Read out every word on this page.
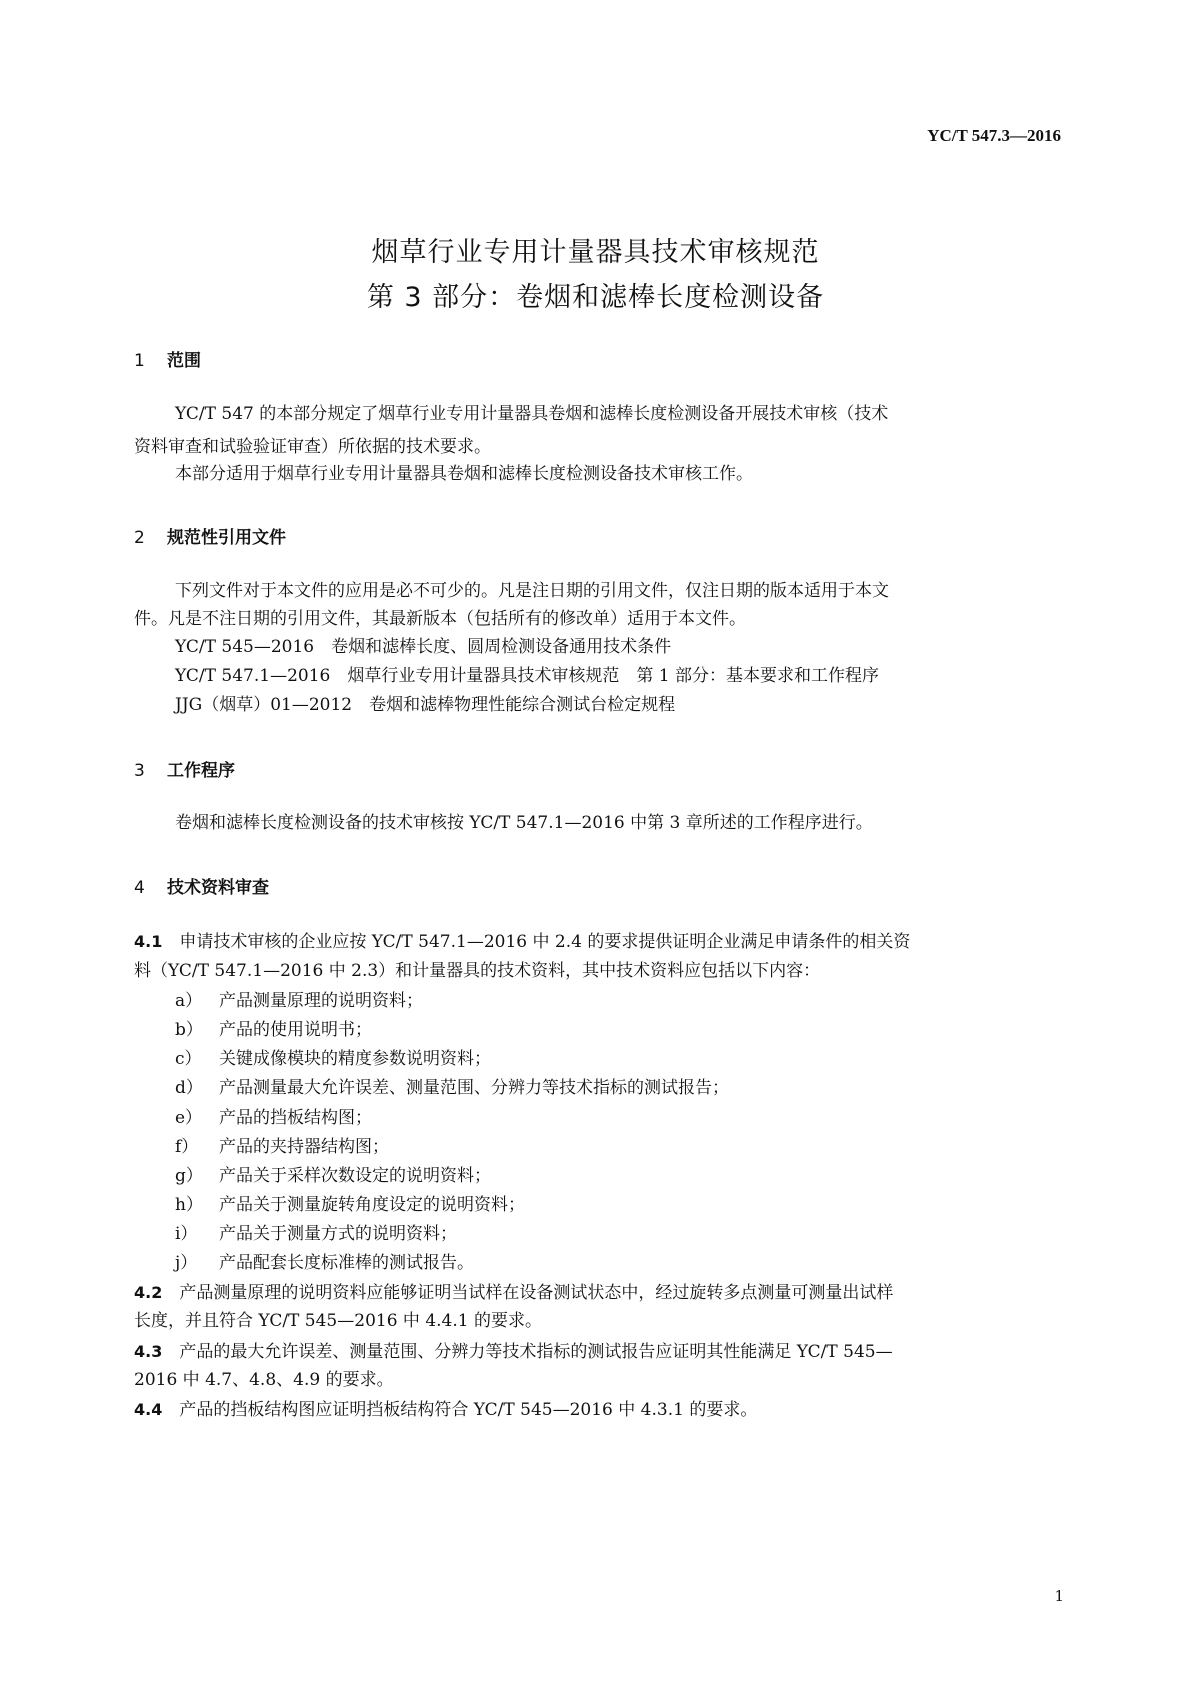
YC/T 547.3—2016
烟草行业专用计量器具技术审核规范
第 3 部分：卷烟和滤棒长度检测设备
1 范围
YC/T 547 的本部分规定了烟草行业专用计量器具卷烟和滤棒长度检测设备开展技术审核（技术
资料审查和试验验证审查）所依据的技术要求。
本部分适用于烟草行业专用计量器具卷烟和滤棒长度检测设备技术审核工作。
2 规范性引用文件
下列文件对于本文件的应用是必不可少的。凡是注日期的引用文件，仅注日期的版本适用于本文
件。凡是不注日期的引用文件，其最新版本（包括所有的修改单）适用于本文件。
YC/T 545—2016　卷烟和滤棒长度、圆周检测设备通用技术条件
YC/T 547.1—2016　烟草行业专用计量器具技术审核规范　第 1 部分：基本要求和工作程序
JJG（烟草）01—2012　卷烟和滤棒物理性能综合测试台检定规程
3 工作程序
卷烟和滤棒长度检测设备的技术审核按 YC/T 547.1—2016 中第 3 章所述的工作程序进行。
4 技术资料审查
4.1　 申请技术审核的企业应按 YC/T 547.1—2016 中 2.4 的要求提供证明企业满足申请条件的相关资
料（YC/T 547.1—2016 中 2.3）和计量器具的技术资料，其中技术资料应包括以下内容：
a） 产品测量原理的说明资料；
b） 产品的使用说明书；
c） 关键成像模块的精度参数说明资料；
d） 产品测量最大允许误差、测量范围、分辨力等技术指标的测试报告；
e） 产品的挡板结构图；
f） 产品的夹持器结构图；
g） 产品关于采样次数设定的说明资料；
h） 产品关于测量旋转角度设定的说明资料；
i） 产品关于测量方式的说明资料；
j） 产品配套长度标准棒的测试报告。
4.2　 产品测量原理的说明资料应能够证明当试样在设备测试状态中，经过旋转多点测量可测量出试样
长度，并且符合 YC/T 545—2016 中 4.4.1 的要求。
4.3　 产品的最大允许误差、测量范围、分辨力等技术指标的测试报告应证明其性能满足 YC/T 545—
2016 中 4.7、4.8、4.9 的要求。
4.4　 产品的挡板结构图应证明挡板结构符合 YC/T 545—2016 中 4.3.1 的要求。
1
